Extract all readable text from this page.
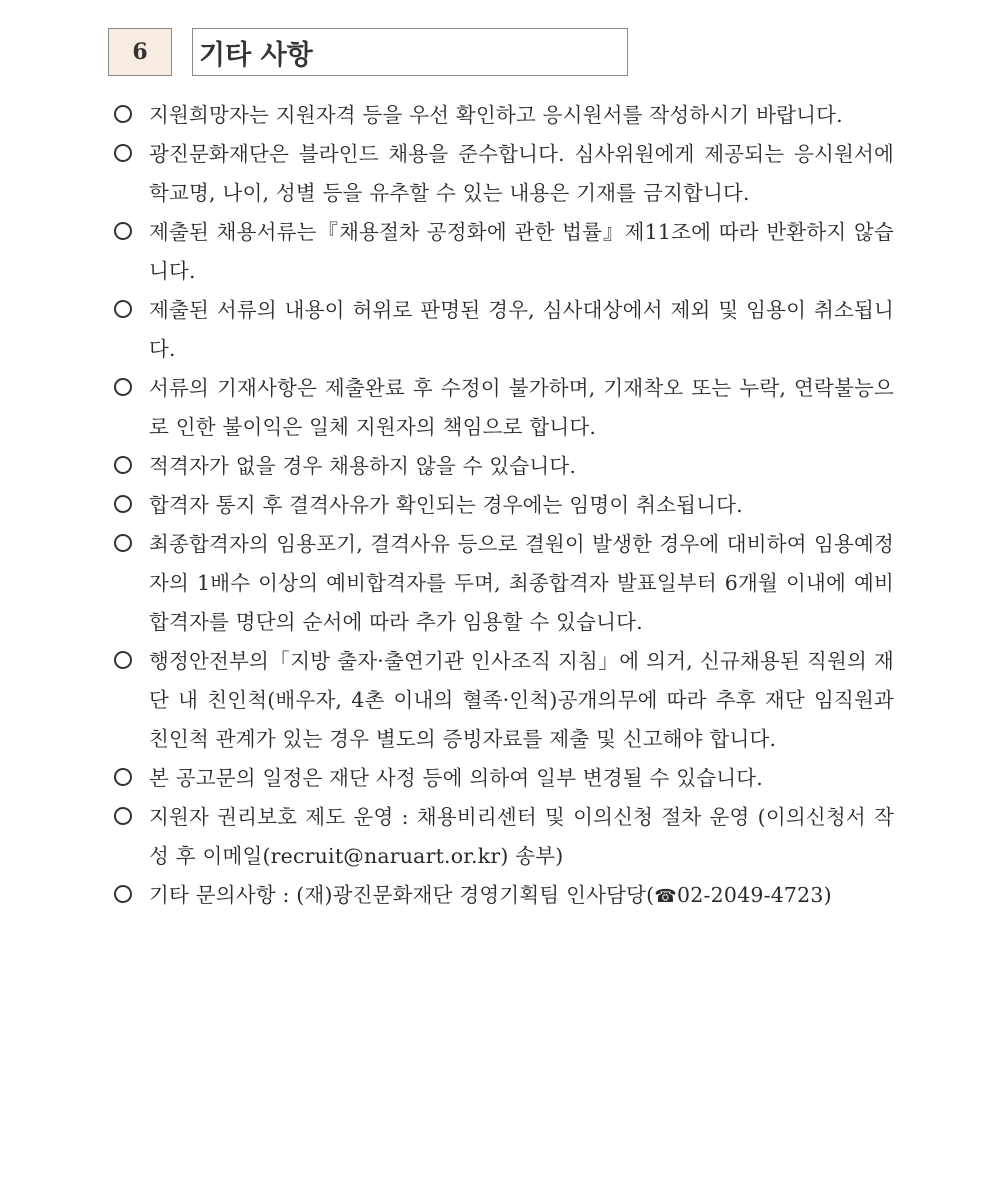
6	기타 사항
지원희망자는 지원자격 등을 우선 확인하고 응시원서를 작성하시기 바랍니다.
광진문화재단은 블라인드 채용을 준수합니다. 심사위원에게 제공되는 응시원서에 학교명, 나이, 성별 등을 유추할 수 있는 내용은 기재를 금지합니다.
제출된 채용서류는『채용절차 공정화에 관한 법률』제11조에 따라 반환하지 않습니다.
제출된 서류의 내용이 허위로 판명된 경우, 심사대상에서 제외 및 임용이 취소됩니다.
서류의 기재사항은 제출완료 후 수정이 불가하며, 기재착오 또는 누락, 연락불능으로 인한 불이익은 일체 지원자의 책임으로 합니다.
적격자가 없을 경우 채용하지 않을 수 있습니다.
합격자 통지 후 결격사유가 확인되는 경우에는 임명이 취소됩니다.
최종합격자의 임용포기, 결격사유 등으로 결원이 발생한 경우에 대비하여 임용예정자의 1배수 이상의 예비합격자를 두며, 최종합격자 발표일부터 6개월 이내에 예비 합격자를 명단의 순서에 따라 추가 임용할 수 있습니다.
행정안전부의「지방 출자·출연기관 인사조직 지침」에 의거, 신규채용된 직원의 재단 내 친인척(배우자, 4촌 이내의 혈족·인척)공개의무에 따라 추후 재단 임직원과 친인척 관계가 있는 경우 별도의 증빙자료를 제출 및 신고해야 합니다.
본 공고문의 일정은 재단 사정 등에 의하여 일부 변경될 수 있습니다.
지원자 권리보호 제도 운영 : 채용비리센터 및 이의신청 절차 운영 (이의신청서 작성 후 이메일(recruit@naruart.or.kr) 송부)
기타 문의사항 : (재)광진문화재단 경영기획팀 인사담당(☎02-2049-4723)
